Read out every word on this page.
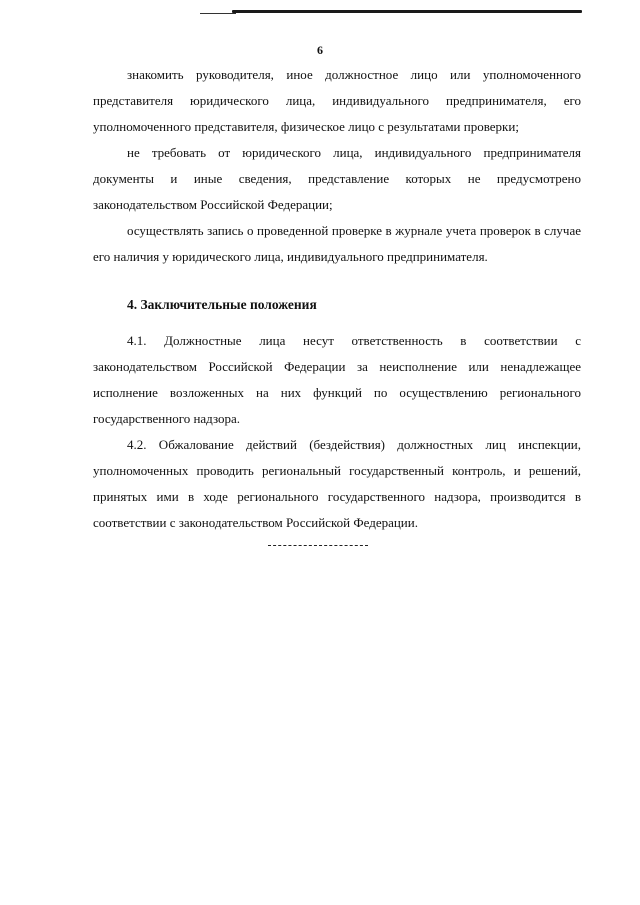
6

знакомить руководителя, иное должностное лицо или уполномоченного представителя юридического лица, индивидуального предпринимателя, его уполномоченного представителя, физическое лицо с результатами проверки;

не требовать от юридического лица, индивидуального предпринимателя документы и иные сведения, представление которых не предусмотрено законодательством Российской Федерации;

осуществлять запись о проведенной проверке в журнале учета проверок в случае его наличия у юридического лица, индивидуального предпринимателя.

4. Заключительные положения

4.1. Должностные лица несут ответственность в соответствии с законодательством Российской Федерации за неисполнение или ненадлежащее исполнение возложенных на них функций по осуществлению регионального государственного надзора.

4.2. Обжалование действий (бездействия) должностных лиц инспекции, уполномоченных проводить региональный государственный контроль, и решений, принятых ими в ходе регионального государственного надзора, производится в соответствии с законодательством Российской Федерации.
